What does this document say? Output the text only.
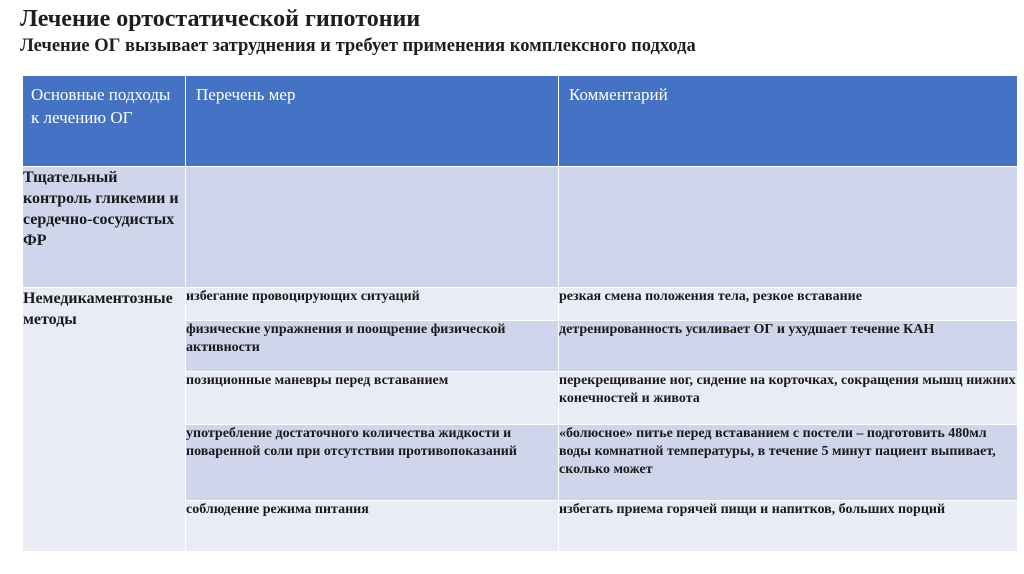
Лечение ортостатической гипотонии
Лечение ОГ вызывает затруднения и требует применения комплексного подхода
Основные подходы к лечению ОГ	Перечень мер	Комментарий
Тщательный контроль гликемии и сердечно-сосудистых ФР		
Немедикаментозные методы	избегание провоцирующих ситуаций	резкая смена положения тела, резкое вставание
	физические упражнения и поощрение физической активности	детренированность усиливает ОГ и ухудшает течение КАН
	позиционные маневры перед вставанием	перекрещивание ног, сидение на корточках, сокращения мышц нижних конечностей и живота
	употребление достаточного количества жидкости и поваренной соли при отсутствии противопоказаний	«болюсное» питье перед вставанием с постели – подготовить 480мл воды комнатной температуры, в течение 5 минут пациент выпивает, сколько может
	соблюдение режима питания	избегать приема горячей пищи и напитков, больших порций
